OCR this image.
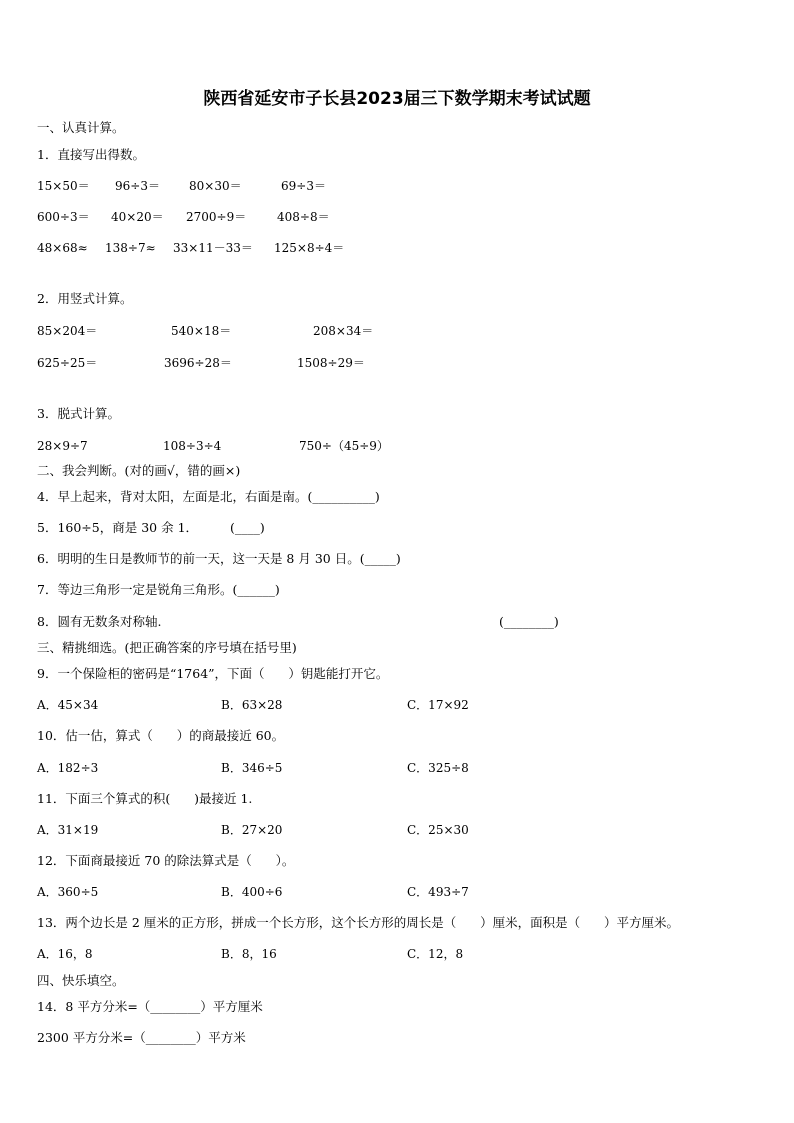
陕西省延安市子长县2023届三下数学期末考试试题
一、认真计算。
1．直接写出得数。
15×50＝ 96÷3＝ 80×30＝	69÷3＝
600÷3＝ 40×20＝ 2700÷9＝	408÷8＝
48×68≈ 138÷7≈ 33×11－33＝ 125×8÷4＝
2．用竖式计算。
85×204＝	540×18＝	208×34＝
625÷25＝	3696÷28＝	1508÷29＝
3．脱式计算。
28×9÷7	108÷3÷4	750÷（45÷9）
二、我会判断。(对的画√，错的画×)
4．早上起来，背对太阳，左面是北，右面是南。(__________)
5．160÷5，商是 30 余 1．	(____)
6．明明的生日是教师节的前一天，这一天是 8 月 30 日。(_____)
7．等边三角形一定是锐角三角形。(______)
8．圆有无数条对称轴.	(________)
三、精挑细选。(把正确答案的序号填在括号里)
9．一个保险柜的密码是“1764”，下面（      ）钥匙能打开它。
A．45×34	B．63×28	C．17×92
10．估一估，算式（      ）的商最接近 60。
A．182÷3	B．346÷5	C．325÷8
11．下面三个算式的积(      )最接近 1.
A．31×19	B．27×20	C．25×30
12．下面商最接近 70 的除法算式是（      ）。
A．360÷5	B．400÷6	C．493÷7
13．两个边长是 2 厘米的正方形，拼成一个长方形，这个长方形的周长是（      ）厘米，面积是（      ）平方厘米。
A．16，8	B．8，16	C．12，8
四、快乐填空。
14．8 平方分米=（________）平方厘米
2300 平方分米=（________）平方米
